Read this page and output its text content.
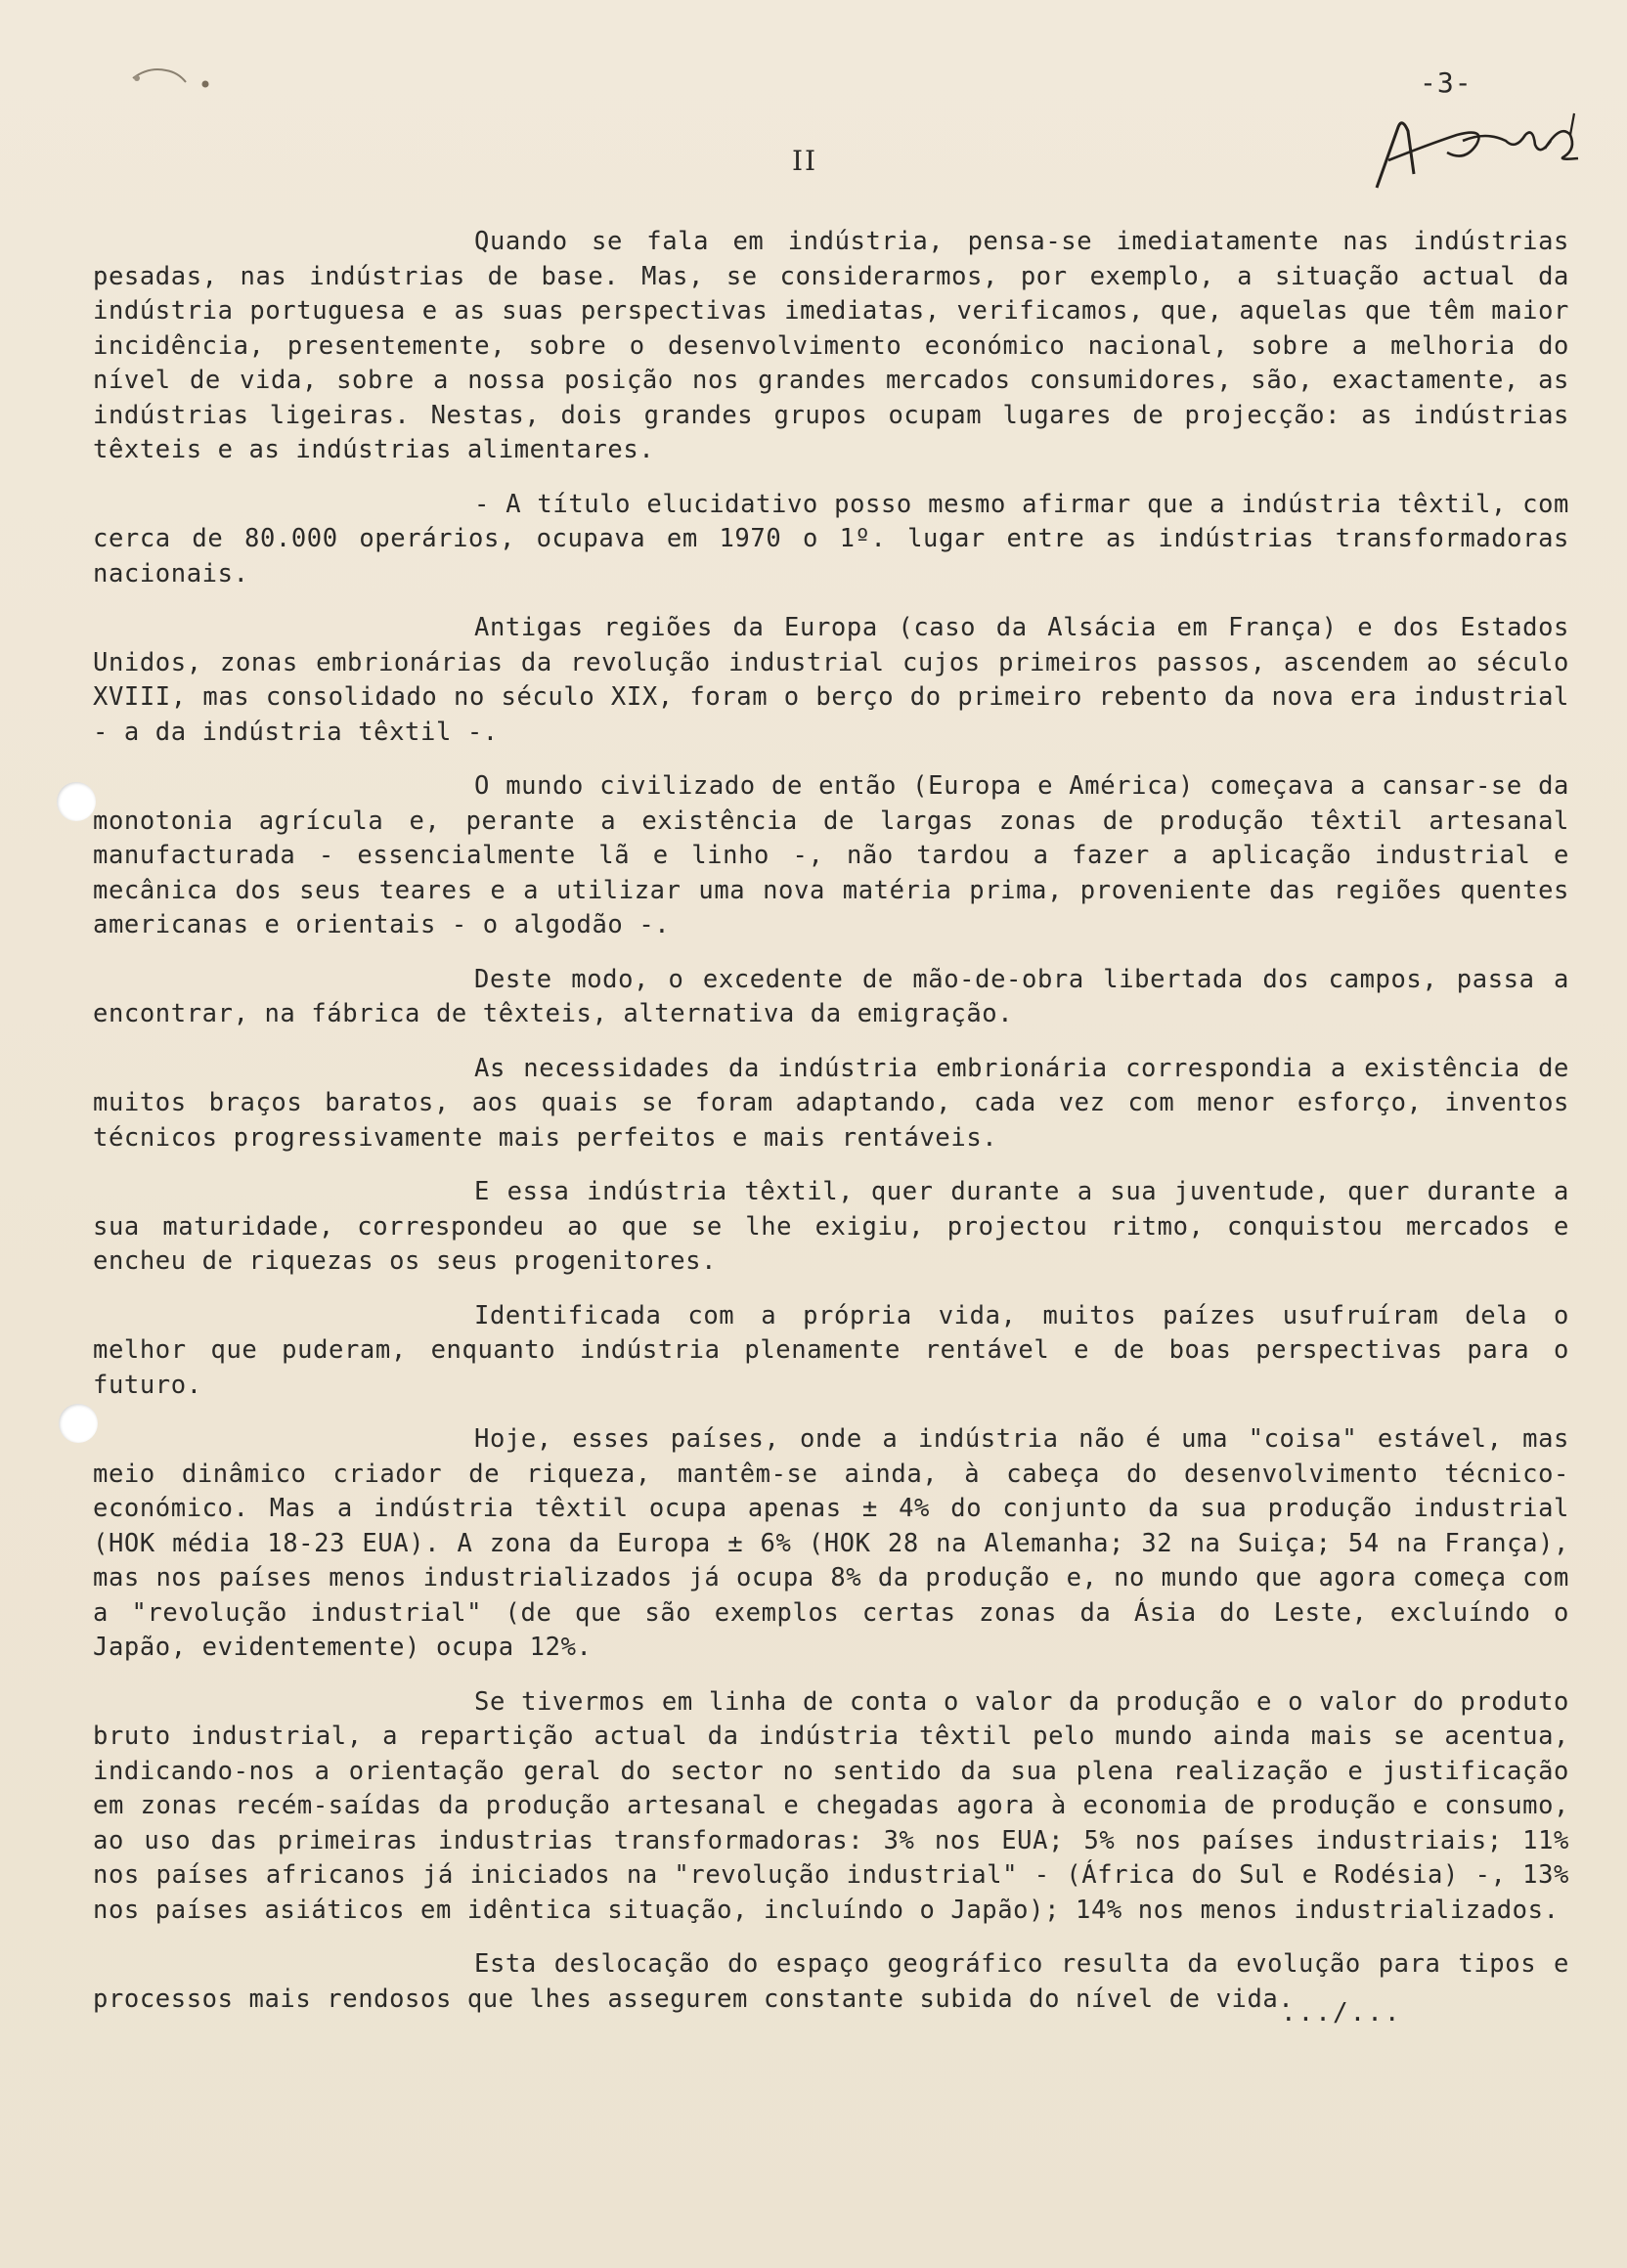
-3-
II

Quando se fala em indústria, pensa-se imediatamente nas indústrias pesadas, nas indústrias de base. Mas, se considerarmos, por exemplo, a situação actual da indústria portuguesa e as suas perspectivas imediatas, verificamos, que, aquelas que têm maior incidência, presentemente, sobre o desenvolvimento económico nacional, sobre a melhoria do nível de vida, sobre a nossa posição nos grandes mercados consumidores, são, exactamente, as indústrias ligeiras. Nestas, dois grandes grupos ocupam lugares de projecção: as indústrias têxteis e as indústrias alimentares.

- A título elucidativo posso mesmo afirmar que a indústria têxtil, com cerca de 80.000 operários, ocupava em 1970 o 1º. lugar entre as indústrias transformadoras nacionais.

Antigas regiões da Europa (caso da Alsácia em França) e dos Estados Unidos, zonas embrionárias da revolução industrial cujos primeiros passos, ascendem ao século XVIII, mas consolidado no século XIX, foram o berço do primeiro rebento da nova era industrial - a da indústria têxtil -.

O mundo civilizado de então (Europa e América) começava a cansar-se da monotonia agrícula e, perante a existência de largas zonas de produção têxtil artesanal manufacturada - essencialmente lã e linho -, não tardou a fazer a aplicação industrial e mecânica dos seus teares e a utilizar uma nova matéria prima, proveniente das regiões quentes americanas e orientais - o algodão -.

Deste modo, o excedente de mão-de-obra libertada dos campos, passa a encontrar, na fábrica de têxteis, alternativa da emigração.

As necessidades da indústria embrionária correspondia a existência de muitos braços baratos, aos quais se foram adaptando, cada vez com menor esforço, inventos técnicos progressivamente mais perfeitos e mais rentáveis.

E essa indústria têxtil, quer durante a sua juventude, quer durante a sua maturidade, correspondeu ao que se lhe exigiu, projectou ritmo, conquistou mercados e encheu de riquezas os seus progenitores.

Identificada com a própria vida, muitos paízes usufruíram dela o melhor que puderam, enquanto indústria plenamente rentável e de boas perspectivas para o futuro.

Hoje, esses países, onde a indústria não é uma "coisa" estável, mas meio dinâmico criador de riqueza, mantêm-se ainda, à cabeça do desenvolvimento técnico-económico. Mas a indústria têxtil ocupa apenas ± 4% do conjunto da sua produção industrial (HOK média 18-23 EUA). A zona da Europa ± 6% (HOK 28 na Alemanha; 32 na Suiça; 54 na França), mas nos países menos industrializados já ocupa 8% da produção e, no mundo que agora começa com a "revolução industrial" (de que são exemplos certas zonas da Ásia do Leste, excluíndo o Japão, evidentemente) ocupa 12%.

Se tivermos em linha de conta o valor da produção e o valor do produto bruto industrial, a repartição actual da indústria têxtil pelo mundo ainda mais se acentua, indicando-nos a orientação geral do sector no sentido da sua plena realização e justificação em zonas recém-saídas da produção artesanal e chegadas agora à economia de produção e consumo, ao uso das primeiras industrias transformadoras: 3% nos EUA; 5% nos países industriais; 11% nos países africanos já iniciados na "revolução industrial" - (África do Sul e Rodésia) -, 13% nos países asiáticos em idêntica situação, incluíndo o Japão); 14% nos menos industrializados.

Esta deslocação do espaço geográfico resulta da evolução para tipos e processos mais rendosos que lhes assegurem constante subida do nível de vida.

.../...
